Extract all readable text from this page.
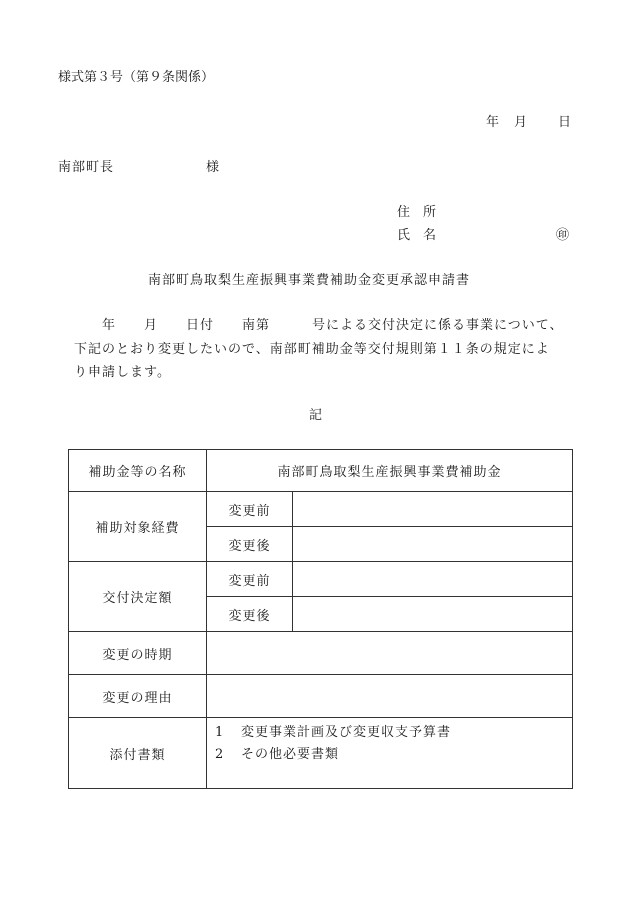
様式第３号（第９条関係）
年 月 日
南部町長	様
住　所
氏　名	㊞
南部町鳥取梨生産振興事業費補助金変更承認申請書
年　　月　　日付　　南第　　　号による交付決定に係る事業について、
下記のとおり変更したいので、南部町補助金等交付規則第１１条の規定によ
り申請します。
記
補助金等の名称	南部町鳥取梨生産振興事業費補助金	
補助対象経費	変更前	
	変更後	
交付決定額	変更前	
	変更後	
変更の時期		
変更の理由		
添付書類	1 変更事業計画及び変更収支予算書
2 その他必要書類	
